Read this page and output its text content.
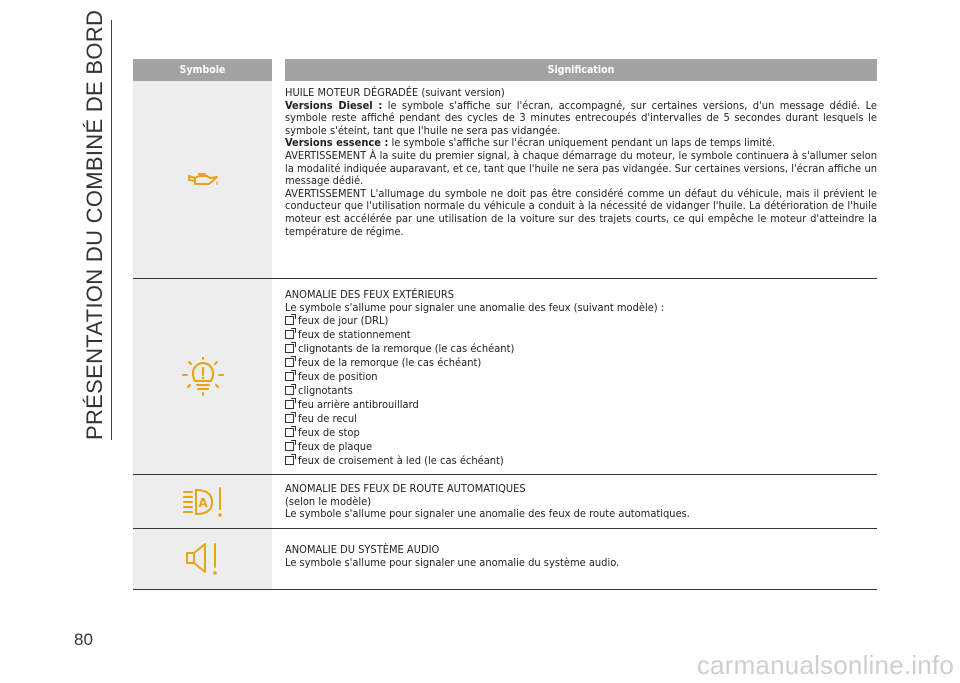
PRÉSENTATION DU COMBINÉ DE BORD
80
carmanualsonline.info
Symbole	Signification
HUILE MOTEUR DÉGRADÉE (suivant version)

Versions Diesel : le symbole s'affiche sur l'écran, accompagné, sur certaines versions, d'un message dédié. Le symbole reste affiché pendant des cycles de 3 minutes entrecoupés d'intervalles de 5 secondes durant lesquels le symbole s'éteint, tant que l'huile ne sera pas vidangée.

Versions essence : le symbole s'affiche sur l'écran uniquement pendant un laps de temps limité.

AVERTISSEMENT À la suite du premier signal, à chaque démarrage du moteur, le symbole continuera à s'allumer selon la modalité indiquée auparavant, et ce, tant que l'huile ne sera pas vidangée. Sur certaines versions, l'écran affiche un message dédié.

AVERTISSEMENT L'allumage du symbole ne doit pas être considéré comme un défaut du véhicule, mais il prévient le conducteur que l'utilisation normale du véhicule a conduit à la nécessité de vidanger l'huile. La détérioration de l'huile moteur est accélérée par une utilisation de la voiture sur des trajets courts, ce qui empêche le moteur d'atteindre la température de régime.

ANOMALIE DES FEUX EXTÉRIEURS

Le symbole s'allume pour signaler une anomalie des feux (suivant modèle) :

feux de jour (DRL)
feux de stationnement
clignotants de la remorque (le cas échéant)
feux de la remorque (le cas échéant)
feux de position
clignotants
feu arrière antibrouillard
feu de recul
feux de stop
feux de plaque
feux de croisement à led (le cas échéant)
A
ANOMALIE DES FEUX DE ROUTE AUTOMATIQUES

(selon le modèle)

Le symbole s'allume pour signaler une anomalie des feux de route automatiques.

ANOMALIE DU SYSTÈME AUDIO

Le symbole s'allume pour signaler une anomalie du système audio.
